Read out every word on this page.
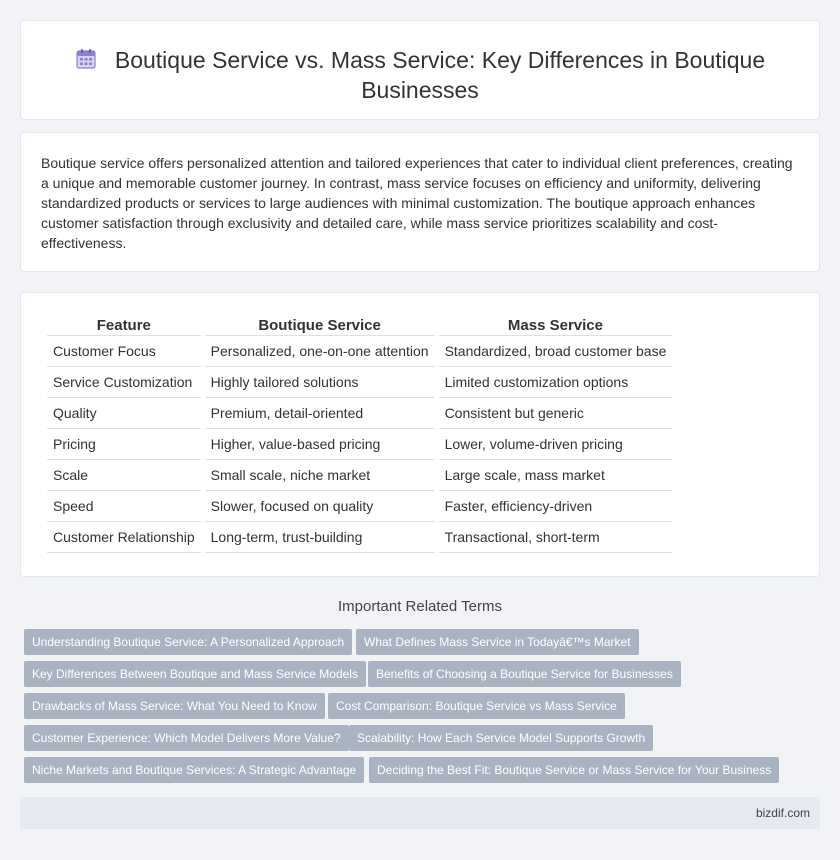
Boutique Service vs. Mass Service: Key Differences in Boutique Businesses

Boutique service offers personalized attention and tailored experiences that cater to individual client preferences, creating a unique and memorable customer journey. In contrast, mass service focuses on efficiency and uniformity, delivering standardized products or services to large audiences with minimal customization. The boutique approach enhances customer satisfaction through exclusivity and detailed care, while mass service prioritizes scalability and cost-effectiveness.

Feature	Boutique Service	Mass Service
Customer Focus	Personalized, one-on-one attention	Standardized, broad customer base
Service Customization	Highly tailored solutions	Limited customization options
Quality	Premium, detail-oriented	Consistent but generic
Pricing	Higher, value-based pricing	Lower, volume-driven pricing
Scale	Small scale, niche market	Large scale, mass market
Speed	Slower, focused on quality	Faster, efficiency-driven
Customer Relationship	Long-term, trust-building	Transactional, short-term
Important Related Terms
Understanding Boutique Service: A Personalized Approach	What Defines Mass Service in Todayâ€™s Market
Key Differences Between Boutique and Mass Service Models	Benefits of Choosing a Boutique Service for Businesses
Drawbacks of Mass Service: What You Need to Know	Cost Comparison: Boutique Service vs Mass Service
Customer Experience: Which Model Delivers More Value?	Scalability: How Each Service Model Supports Growth
Niche Markets and Boutique Services: A Strategic Advantage	Deciding the Best Fit: Boutique Service or Mass Service for Your Business
bizdif.com
